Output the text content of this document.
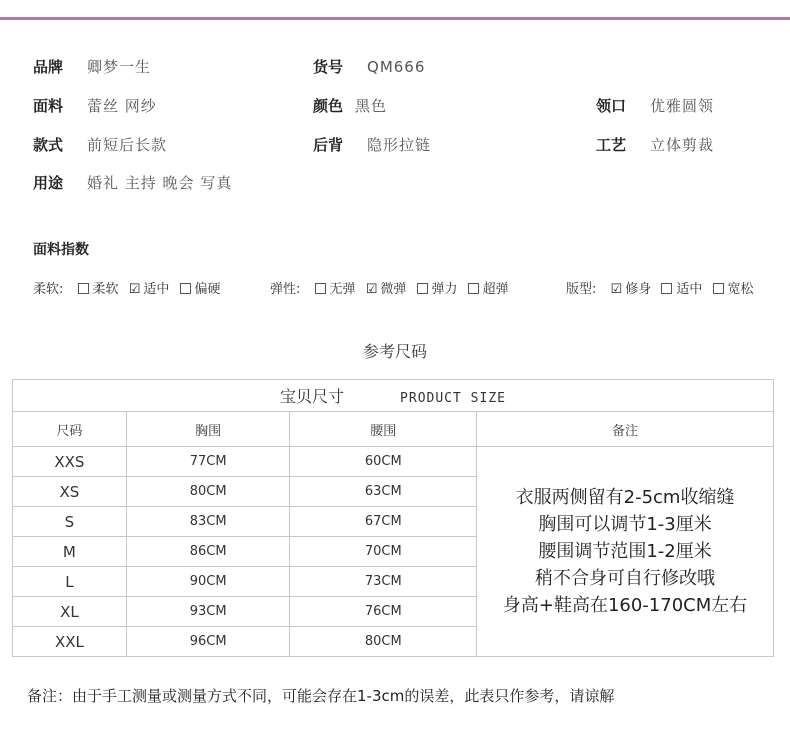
品牌 卿梦一生	货号 QM666
面料 蕾丝 网纱	颜色 黑色	领口 优雅圆领
款式 前短后长款	后背 隐形拉链	工艺 立体剪裁
用途 婚礼 主持 晚会 写真
面料指数
柔软: 柔软 ☑ 适中 偏硬	弹性: 无弹 ☑ 微弹 弹力 超弹	版型: ☑ 修身 适中 宽松
参考尺码
宝贝尺寸 PRODUCT SIZE			
尺码	胸围	腰围	备注
XXS	77CM	60CM	衣服两侧留有2-5cm收缩缝
胸围可以调节1-3厘米
腰围调节范围1-2厘米
稍不合身可自行修改哦
身高+鞋高在160-170CM左右

XS	80CM	63CM	
S	83CM	67CM	
M	86CM	70CM	
L	90CM	73CM	
XL	93CM	76CM	
XXL	96CM	80CM	
备注：由于手工测量或测量方式不同，可能会存在1-3cm的误差，此表只作参考，请谅解
